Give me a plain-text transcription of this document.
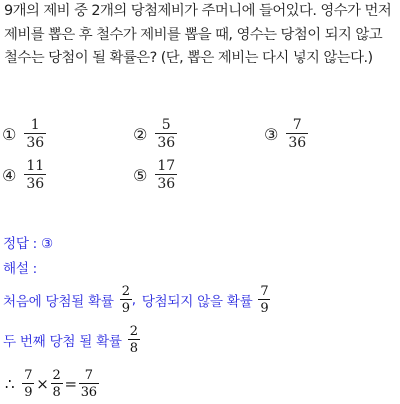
9개의 제비 중 2개의 당첨제비가 주머니에 들어있다. 영수가 먼저
제비를 뽑은 후 철수가 제비를 뽑을 때, 영수는 당첨이 되지 않고
철수는 당첨이 될 확률은? (단, 뽑은 제비는 다시 넣지 않는다.)
① $\frac{1}{36}$	② $\frac{5}{36}$	③ $\frac{7}{36}$
④ $\frac{11}{36}$	⑤ $\frac{17}{36}$
정답 : ③
해설 :
처음에 당첨될 확률 $\frac{2}{9}$ , 당첨되지 않을 확률 $\frac{7}{9}$
두 번째 당첨 될 확률 $\frac{2}{8}$
∴ $\frac{7}{9} \times \frac{2}{8} = \frac{7}{36}$
